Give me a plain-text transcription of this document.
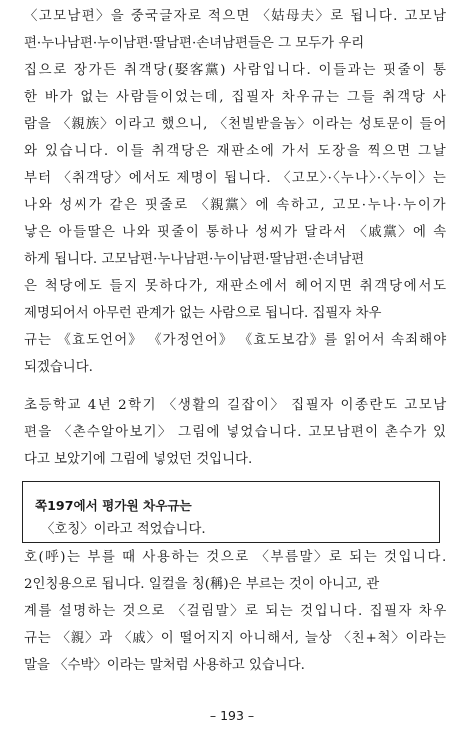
〈고모남편〉을 중국글자로 적으면 〈姑母夫〉로 됩니다. 고모남
편·누나남편·누이남편·딸남편·손녀남편들은 그 모두가 우리
집으로 장가든 취객당(娶客黨) 사람입니다. 이들과는 핏줄이 통
한 바가 없는 사람들이었는데, 집필자 차우규는 그들 취객당 사
람을 〈親族〉이라고 했으니, 〈천빌받을놈〉이라는 성토문이 들어
와 있습니다. 이들 취객당은 재판소에 가서 도장을 찍으면 그날
부터 〈취객당〉에서도 제명이 됩니다. 〈고모〉·〈누나〉·〈누이〉는
나와 성씨가 같은 핏줄로 〈親黨〉에 속하고, 고모·누나·누이가
낳은 아들딸은 나와 핏줄이 통하나 성씨가 달라서 〈戚黨〉에 속
하게 됩니다. 고모남편·누나남편·누이남편·딸남편·손녀남편
은 척당에도 들지 못하다가, 재판소에서 헤어지면 취객당에서도
제명되어서 아무런 관계가 없는 사람으로 됩니다. 집필자 차우
규는 《효도언어》 《가정언어》 《효도보감》를 읽어서 속죄해야
되겠습니다.
초등학교 4년 2학기 〈생활의 길잡이〉 집필자 이종란도 고모남
편을 〈촌수알아보기〉 그림에 넣었습니다. 고모남편이 촌수가 있
다고 보았기에 그림에 넣었던 것입니다.
쪽197에서 평가원 차우규는
〈호칭〉이라고 적었습니다.
호(呼)는 부를 때 사용하는 것으로 〈부름말〉로 되는 것입니다.
2인칭용으로 됩니다. 일컬을 칭(稱)은 부르는 것이 아니고, 관
계를 설명하는 것으로 〈걸림말〉로 되는 것입니다. 집필자 차우
규는 〈親〉과 〈戚〉이 떨어지지 아니해서, 늘상 〈친+척〉이라는
말을 〈수박〉이라는 말처럼 사용하고 있습니다.
– 193 –
